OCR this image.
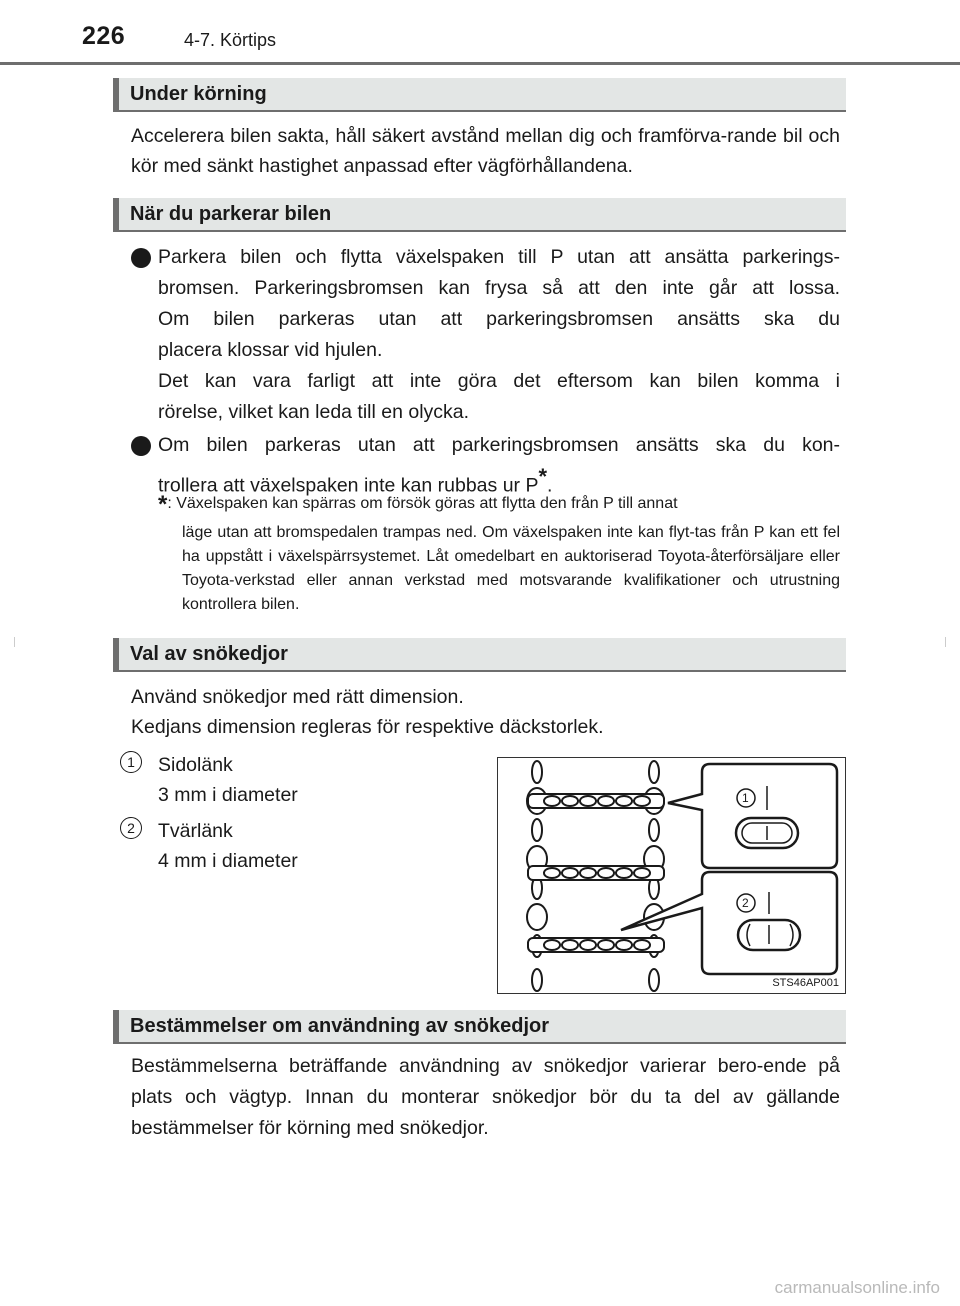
226	4-7. Körtips
Under körning
Accelerera bilen sakta, håll säkert avstånd mellan dig och framförva-rande bil och kör med sänkt hastighet anpassad efter vägförhållandena.
När du parkerar bilen
Parkera bilen och flytta växelspaken till P utan att ansätta parkerings-
bromsen. Parkeringsbromsen kan frysa så att den inte går att lossa.
Om bilen parkeras utan att parkeringsbromsen ansätts ska du
placera klossar vid hjulen.
Det kan vara farligt att inte göra det eftersom kan bilen komma i
rörelse, vilket kan leda till en olycka.
Om bilen parkeras utan att parkeringsbromsen ansätts ska du kon-
trollera att växelspaken inte kan rubbas ur P*.
*: Växelspaken kan spärras om försök göras att flytta den från P till annat
läge utan att bromspedalen trampas ned. Om växelspaken inte kan flyt-tas från P kan ett fel ha uppstått i växelspärrsystemet. Låt omedelbart en auktoriserad Toyota-återförsäljare eller Toyota-verkstad eller annan verkstad med motsvarande kvalifikationer och utrustning kontrollera bilen.
Val av snökedjor
Använd snökedjor med rätt dimension.
Kedjans dimension regleras för respektive däckstorlek.
1	Sidolänk
3 mm i diameter
2	Tvärlänk
4 mm i diameter
1
2
STS46AP001
Bestämmelser om användning av snökedjor
Bestämmelserna beträffande användning av snökedjor varierar bero-ende på plats och vägtyp. Innan du monterar snökedjor bör du ta del av gällande bestämmelser för körning med snökedjor.
carmanualsonline.info
